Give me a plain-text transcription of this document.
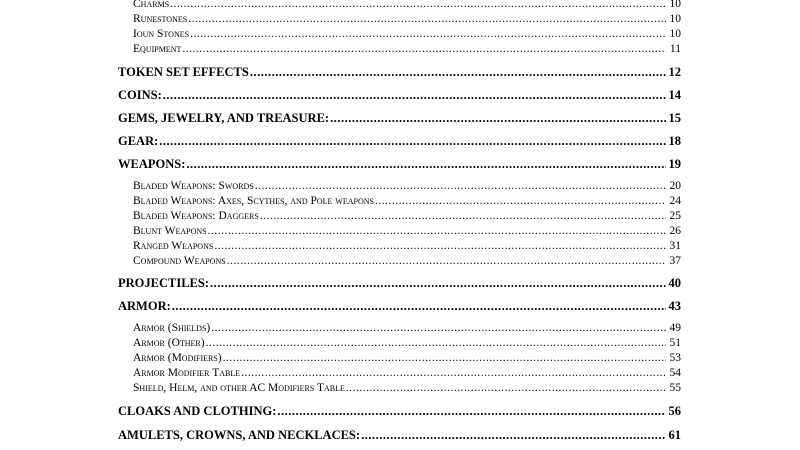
Charms .....	10
Runestones .....	10
Ioun Stones .....	10
Equipment .....	11
TOKEN SET EFFECTS .....	12
COINS: .....	14
GEMS, JEWELRY, AND TREASURE: .....	15
GEAR: .....	18
WEAPONS: .....	19
Bladed Weapons: Swords .....	20
Bladed Weapons: Axes, Scythes, and Pole weapons .....	24
Bladed Weapons: Daggers .....	25
Blunt Weapons .....	26
Ranged Weapons .....	31
Compound Weapons .....	37
PROJECTILES: .....	40
ARMOR: .....	43
Armor (Shields) .....	49
Armor (Other) .....	51
Armor (Modifiers) .....	53
Armor Modifier Table .....	54
Shield, Helm, and other AC Modifiers Table .....	55
CLOAKS AND CLOTHING: .....	56
AMULETS, CROWNS, AND NECKLACES: .....	61
